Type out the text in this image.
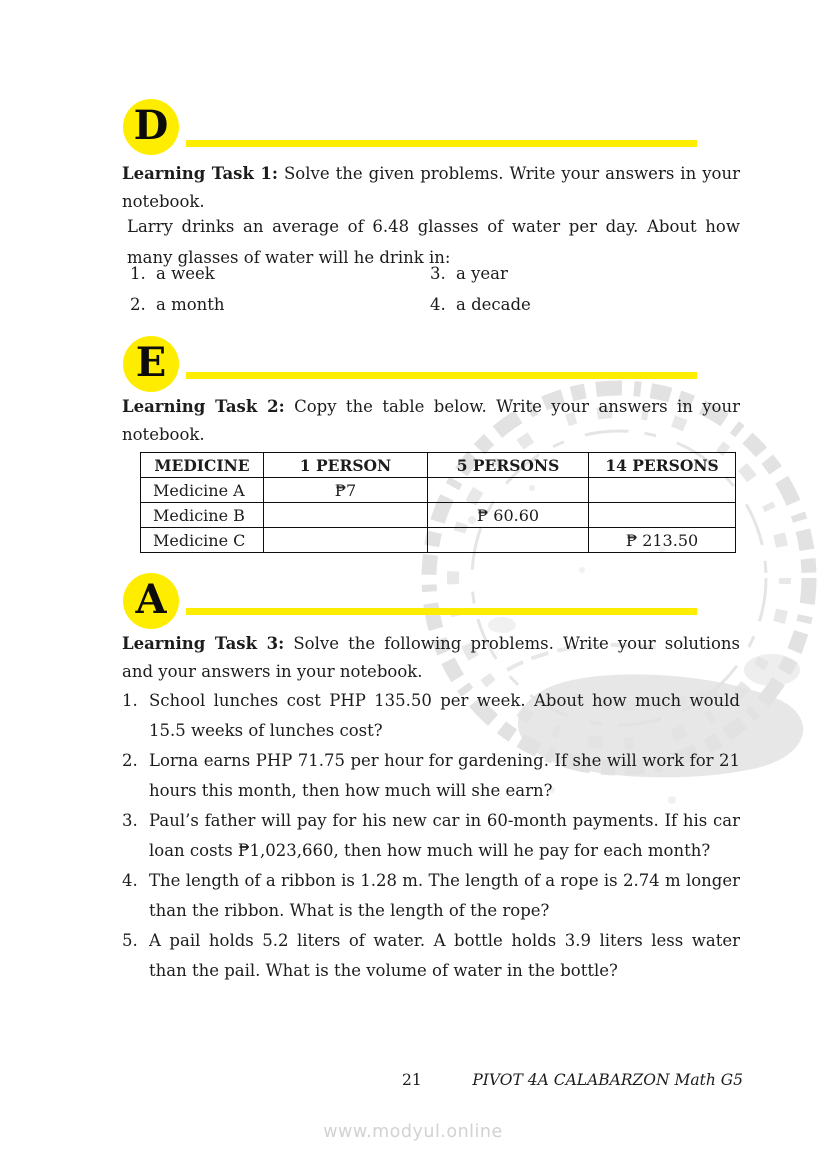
D

Learning Task 1: Solve the given problems. Write your answers in your notebook.

Larry drinks an average of 6.48 glasses of water per day. About how many glasses of water will he drink in:

1. a week	3. a year
2. a month	4. a decade
E

Learning Task 2: Copy the table below. Write your answers in your notebook.

MEDICINE	1 PERSON	5 PERSONS	14 PERSONS
Medicine A	₱7		
Medicine B		₱ 60.60	
Medicine C			₱ 213.50
A

Learning Task 3: Solve the following problems. Write your solutions and your answers in your notebook.

1. School lunches cost PHP 135.50 per week. About how much would 15.5 weeks of lunches cost?
2. Lorna earns PHP 71.75 per hour for gardening. If she will work for 21 hours this month, then how much will she earn?
3. Paul’s father will pay for his new car in 60-month payments. If his car loan costs ₱1,023,660, then how much will he pay for each month?
4. The length of a ribbon is 1.28 m. The length of a rope is 2.74 m longer than the ribbon. What is the length of the rope?
5. A pail holds 5.2 liters of water. A bottle holds 3.9 liters less water than the pail. What is the volume of water in the bottle?
21	PIVOT 4A CALABARZON Math G5
www.modyul.online
